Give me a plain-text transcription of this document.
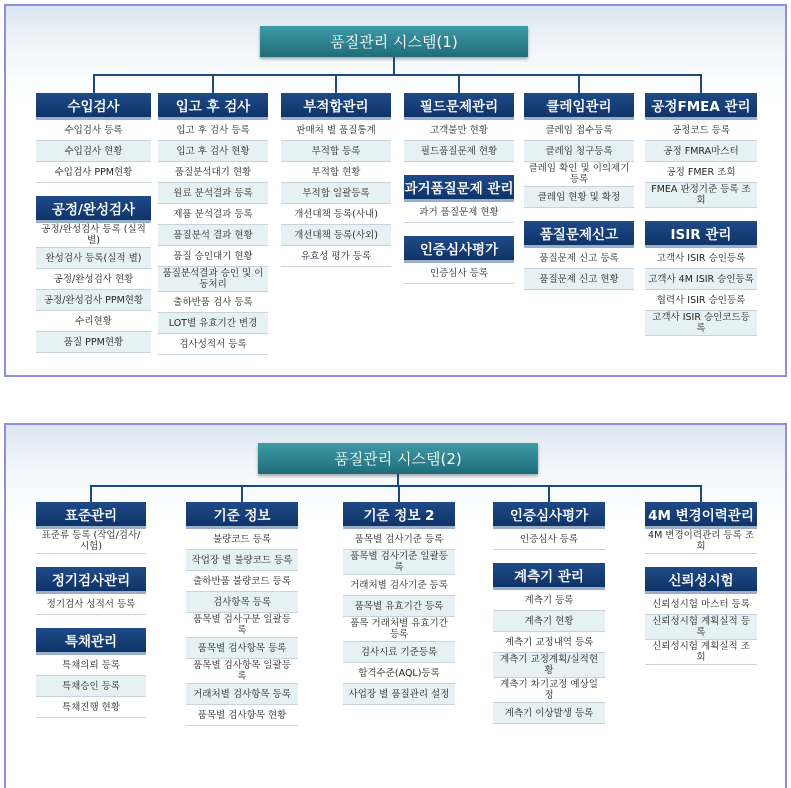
품질관리 시스템(1)
수입검사
수입검사 등록
수입검사 현황
수입검사 PPM현황
공정/완성검사
공정/완성검사 등록 (실적 별)
완성검사 등록(실적 별)
공정/완성검사 현황
공정/완성검사 PPM현황
수리현황
품질 PPM현황
입고 후 검사
입고 후 검사 등록
입고 후 검사 현황
품질분석대기 현황
원료 분석결과 등록
제품 분석결과 등록
품질분석 결과 현황
품질 승인대기 현황
품질분석결과 승인 및 이동처리
출하반품 검사 등록
LOT별 유효기간 변경
검사성적서 등록
부적합관리
판매처 별 품질통계
부적합 등록
부적합 현황
부적합 일괄등록
개선대책 등록(사내)
개선대책 등록(사외)
유효성 평가 등록
필드문제관리
고객불만 현황
필드품질문제 현황
과거품질문제 관리
과거 품질문제 현황
인증심사평가
인증심사 등록
클레임관리
클레임 접수등록
클레임 청구등록
클레임 확인 및 이의제기 등록
클레임 현황 및 확정
품질문제신고
품질문제 신고 등록
품질문제 신고 현황
공정FMEA 관리
공정코드 등록
공정 FMRA마스터
공정 FMER 조회
FMEA 판정기준 등록 조회
ISIR 관리
고객사 ISIR 승인등록
고객사 4M ISIR 승인등록
협력사 ISIR 승인등록
고객사 ISIR 승인코드등록
품질관리 시스템(2)
표준관리
표준류 등록 (작업/검사/시험)
정기검사관리
정기검사 성적서 등록
특채관리
특채의뢰 등록
특채승인 등록
특채진행 현황
기준 정보
불량코드 등록
작업장 별 불량코드 등록
출하반품 불량코드 등록
검사항목 등록
품목별 검사구분 일괄등록
품목별 검사항목 등록
품목별 검사항목 일괄등록
거래처별 검사항목 등록
품목별 검사항목 현황
기준 정보 2
품목별 검사기준 등록
품목별 검사기준 일괄등록
거래처별 검사기준 등록
품목별 유효기간 등록
품목 거래처별 유효기간 등록
검사시료 기준등록
합격수준(AQL)등록
사업장 별 품질관리 설정
인증심사평가
인증심사 등록
계측기 관리
계측기 등록
계측기 현황
계측기 교정내역 등록
계측기 교정계획/실적현황
계측기 차기교정 예상일정
계측기 이상발생 등록
4M 변경이력관리
4M 변경이력관리 등록 조회
신뢰성시험
신뢰성시험 마스터 등록
신뢰성시험 계획실적 등록
신뢰성시험 계획실적 조회
